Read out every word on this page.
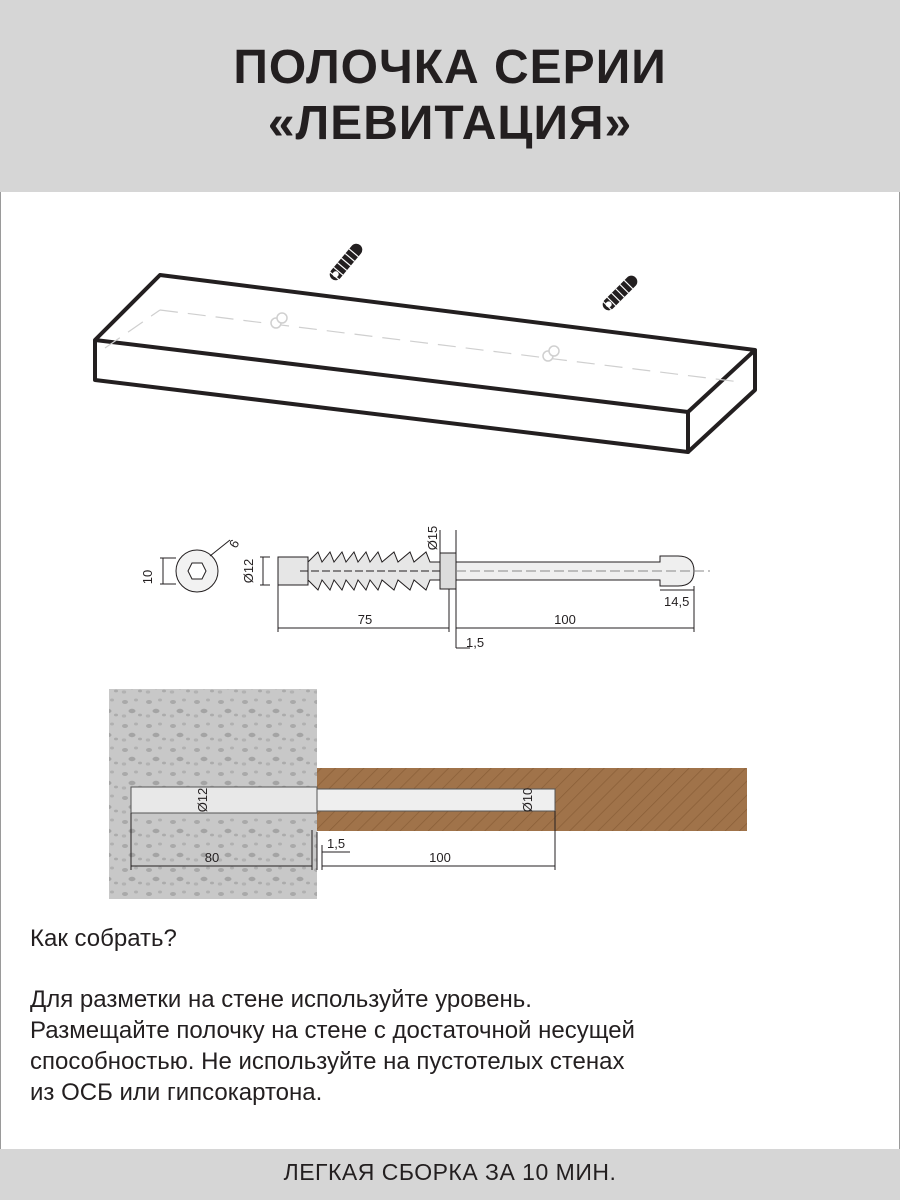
ПОЛОЧКА СЕРИИ
«ЛЕВИТАЦИЯ»
10
6
Ø12
Ø15
75	100
1,5
14,5
Ø12	Ø10
80
1,5
100
Как собрать?
Для разметки на стене используйте уровень.
Размещайте полочку на стене с достаточной несущей
способностью. Не используйте на пустотелых стенах
из ОСБ или гипсокартона.
ЛЕГКАЯ СБОРКА ЗА 10 МИН.
